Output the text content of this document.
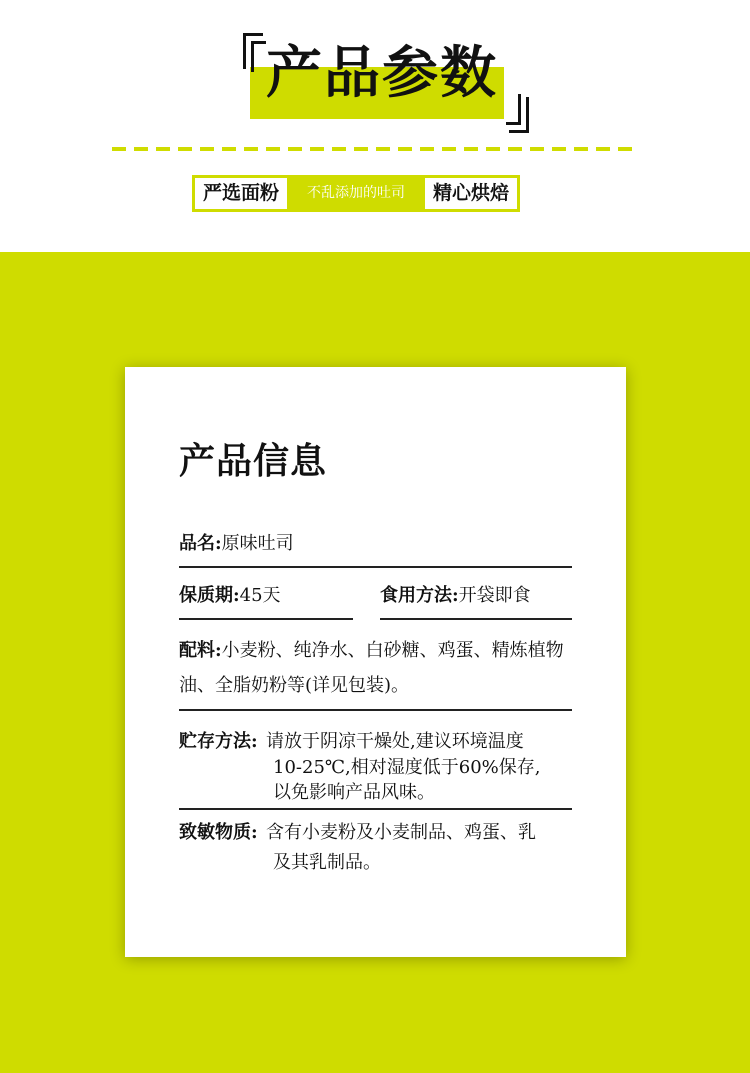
产品参数
严选面粉	不乱添加的吐司	精心烘焙
产品信息
品名:原味吐司
保质期:45天	食用方法:开袋即食
配料:小麦粉、纯净水、白砂糖、鸡蛋、精炼植物
油、全脂奶粉等(详见包装)。
贮存方法: 请放于阴凉干燥处,建议环境温度
10-25℃,相对湿度低于60%保存,
以免影响产品风味。
致敏物质: 含有小麦粉及小麦制品、鸡蛋、乳
及其乳制品。
